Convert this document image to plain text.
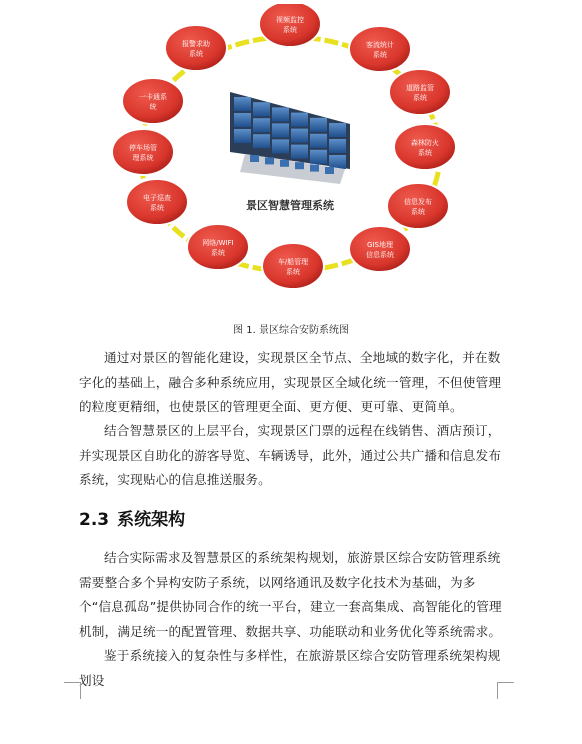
景区智慧管理系统
视频监控
系统
客流统计
系统
道路监管
系统
森林防火
系统
信息发布
系统
GIS地理
信息系统
车/船管理
系统
网络/WIFI
系统
电子巡查
系统
停车场管
理系统
一卡通系
统
报警求助
系统
图 1. 景区综合安防系统图

通过对景区的智能化建设，实现景区全节点、全地域的数字化，并在数字化的基础上，融合多种系统应用，实现景区全域化统一管理，不但使管理的粒度更精细，也使景区的管理更全面、更方便、更可靠、更简单。

结合智慧景区的上层平台，实现景区门票的远程在线销售、酒店预订，并实现景区自助化的游客导览、车辆诱导，此外，通过公共广播和信息发布系统，实现贴心的信息推送服务。

2.3 系统架构

结合实际需求及智慧景区的系统架构规划，旅游景区综合安防管理系统需要整合多个异构安防子系统，以网络通讯及数字化技术为基础，为多个“信息孤岛”提供协同合作的统一平台，建立一套高集成、高智能化的管理机制，满足统一的配置管理、数据共享、功能联动和业务优化等系统需求。

鉴于系统接入的复杂性与多样性，在旅游景区综合安防管理系统架构规划设
